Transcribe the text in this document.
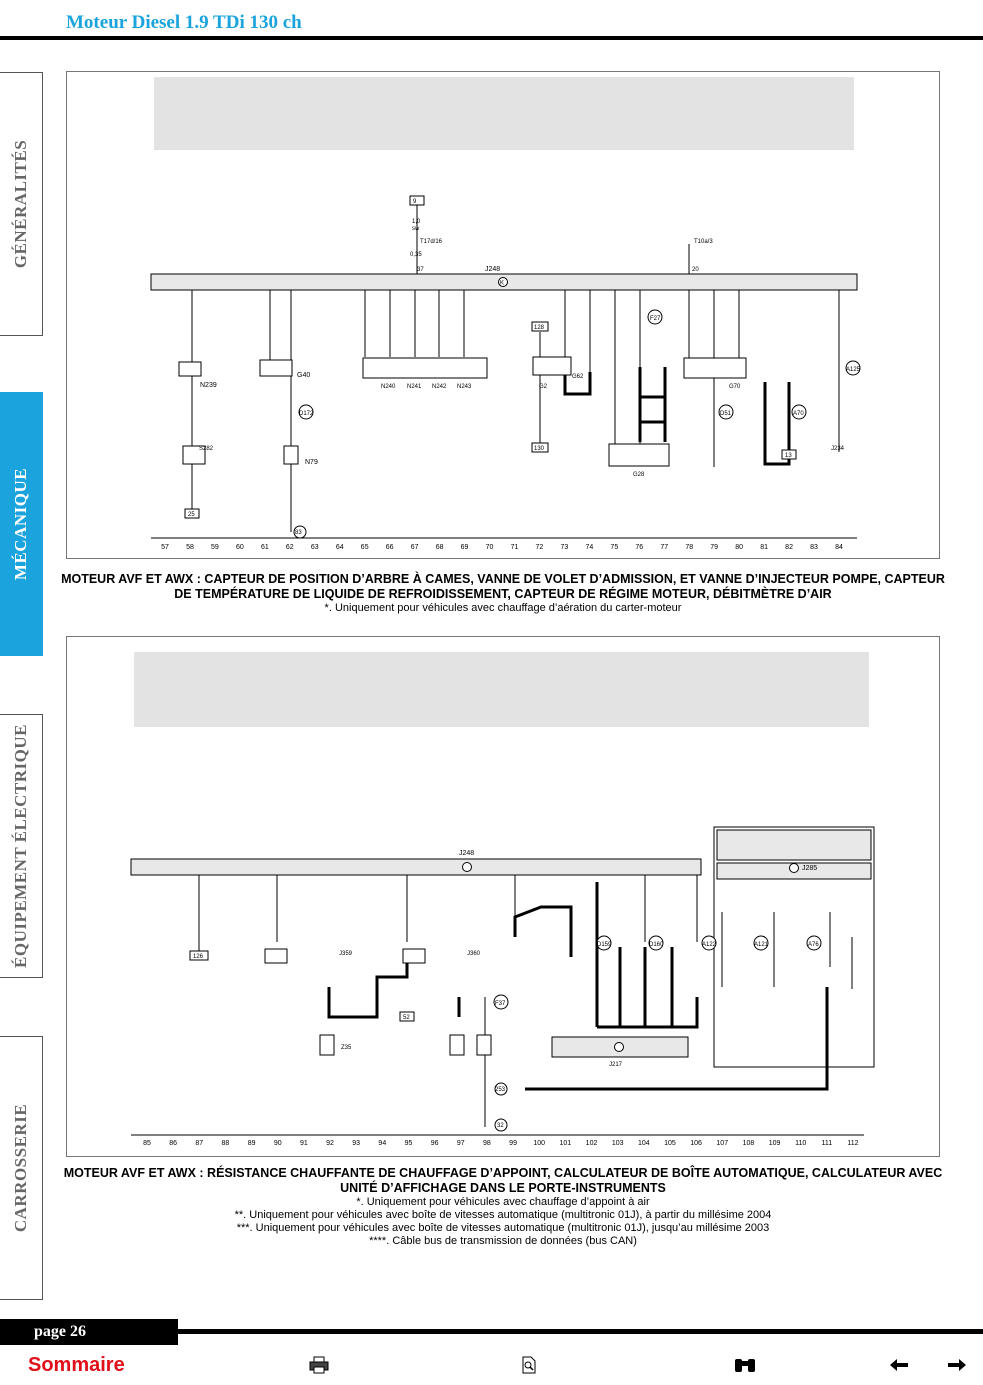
Moteur Diesel 1.9 TDi 130 ch
GÉNÉRALITÉS
MÉCANIQUE
ÉQUIPEMENT ÉLECTRIQUE
CARROSSERIE
K
J248
9
1,0
sw
T17d/16
0,35
37
T10a/3
20
N239
G40
D172
S282
N79
N240 N241 N242 N243	G2
G62
G28
G70
D51	A70
A125
J234
F27
25
83
130
13
128
57 58 59 60 61 62 63 64 65 66 67 68 69 70 71 72 73 74 75 76 77 78 79 80 81 82 83 84
MOTEUR AVF ET AWX : CAPTEUR DE POSITION D’ARBRE À CAMES, VANNE DE VOLET D’ADMISSION, ET VANNE D’INJECTEUR POMPE, CAPTEUR DE TEMPÉRATURE DE LIQUIDE DE REFROIDISSEMENT, CAPTEUR DE RÉGIME MOTEUR, DÉBITMÈTRE D’AIR
*. Uniquement pour véhicules avec chauffage d’aération du carter-moteur
J248
J285
J359	J360
Z35
J217
F37
D159	D160	A122	A121	A76
126
52
253
32
85	86	87	88	89	90	91	92	93	94	95	96	97	98	99 100 101 102 103 104 105 106 107 108 109 110 111 112
MOTEUR AVF ET AWX : RÉSISTANCE CHAUFFANTE DE CHAUFFAGE D’APPOINT, CALCULATEUR DE BOÎTE AUTOMATIQUE, CALCULATEUR AVEC UNITÉ D’AFFICHAGE DANS LE PORTE-INSTRUMENTS
*. Uniquement pour véhicules avec chauffage d’appoint à air
**. Uniquement pour véhicules avec boîte de vitesses automatique (multitronic 01J), à partir du millésime 2004
***. Uniquement pour véhicules avec boîte de vitesses automatique (multitronic 01J), jusqu’au millésime 2003
****. Câble bus de transmission de données (bus CAN)
page 26
Sommaire
